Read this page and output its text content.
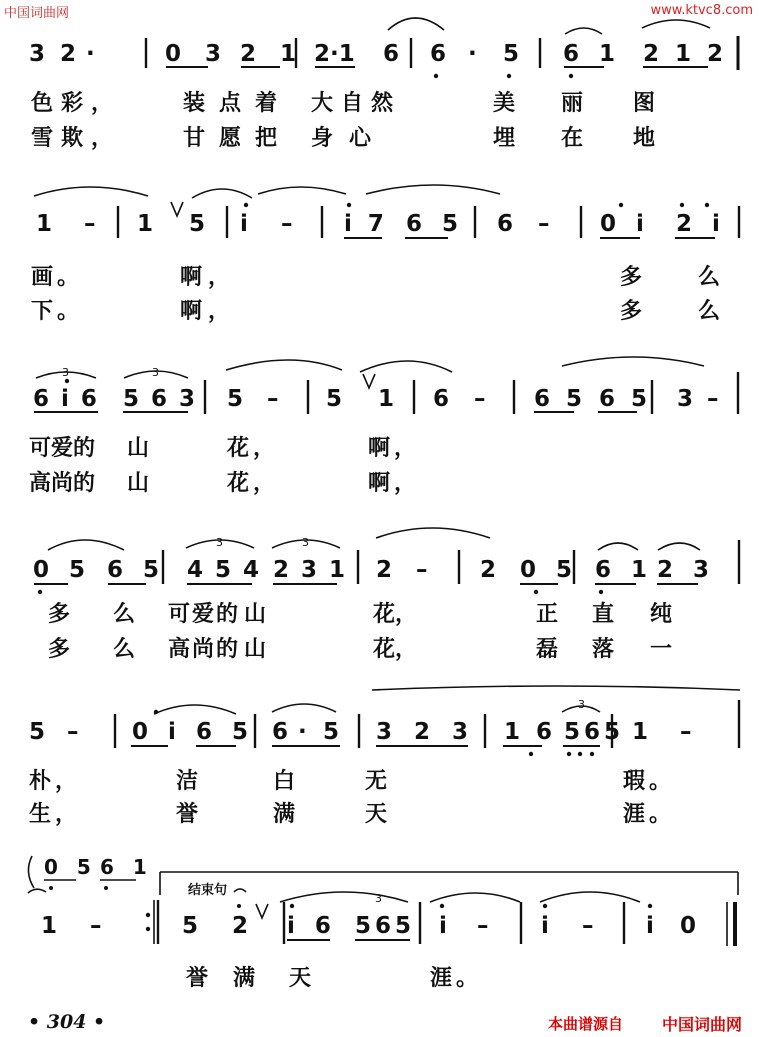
中国词曲网	www.ktvc8.com
3 2 ·	0 3 2 1 2·1 6 6 · 5 6 1 2 1 2
色彩，	装点着 大自然	美 丽 图
雪欺，	甘愿把 身心	埋 在 地
1 – 1 5 i – i 7 6 5 6 – 0 i 2 i
画。	啊，	多	么
下。	啊，	多	么
6 i 6 5 6 3 5 – 5 1 6 – 6 5 6 5 3 –
可爱的 山	花，	啊，
高尚的 山	花，	啊，
0 5 6 5 4 5 4 2 3 1 2 – 2 0 5 6 1 2 3
多 么 可爱的 山	花，	正 直 纯
多 么 高尚的 山	花，	磊 落 一
5 – 0 i 6 5 6 · 5 3 2 3 1 6 5 6 5 1 –
朴，	洁	白	无	瑕。
生，	誉	满	天	涯。
0 5 6 1
结束句
1 –	5 2 i 6 5 6 5 i – i – i 0
誉 满 天	涯。
3	3
3	3
3
3
• 304 •	本曲谱源自 中国词曲网
